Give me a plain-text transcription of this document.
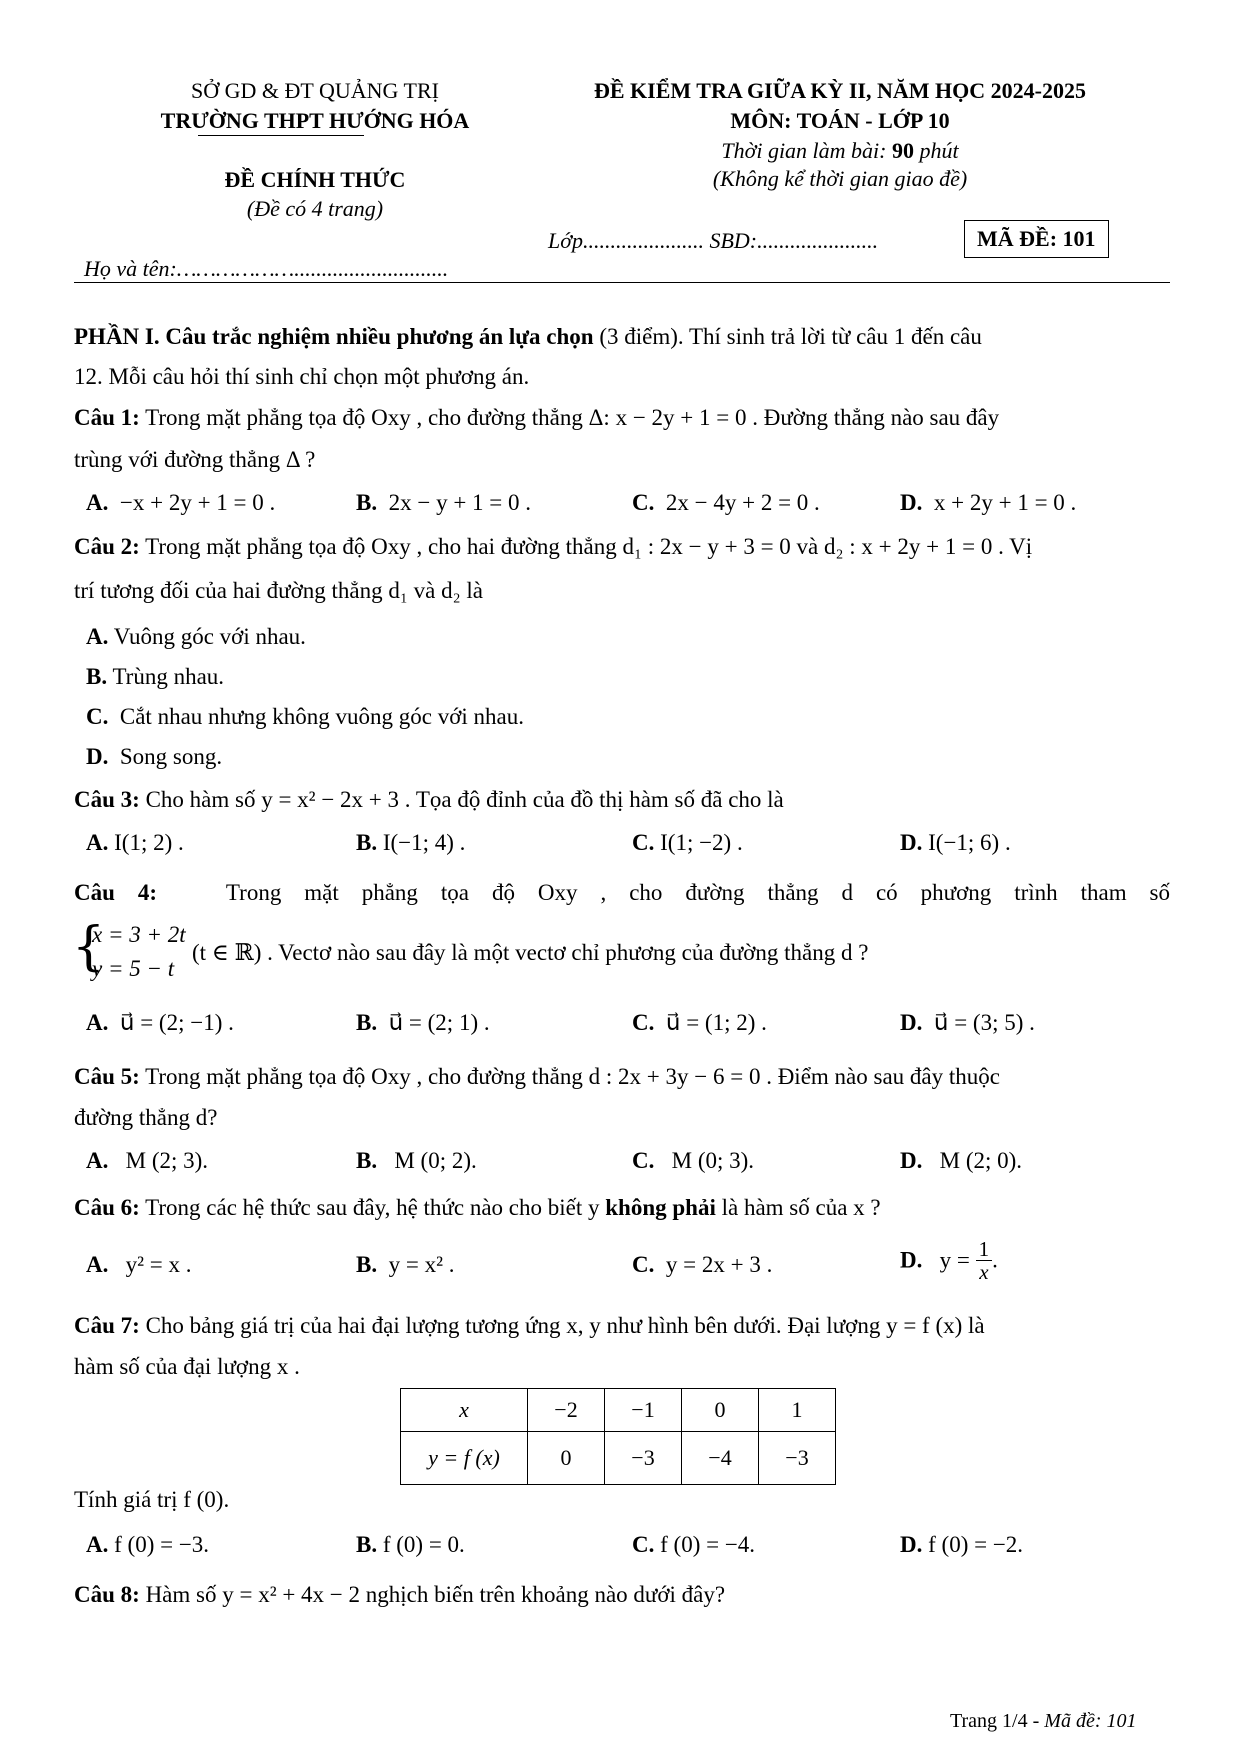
SỞ GD & ĐT QUẢNG TRỊ
TRƯỜNG THPT HƯỚNG HÓA
ĐỀ CHÍNH THỨC
(Đề có 4 trang)
ĐỀ KIỂM TRA GIỮA KỲ II, NĂM HỌC 2024-2025
MÔN: TOÁN - LỚP 10
Thời gian làm bài: 90 phút
(Không kể thời gian giao đề)
Lớp...................... SBD:......................	MÃ ĐỀ: 101
Họ và tên:………………............................
PHẦN I. Câu trắc nghiệm nhiều phương án lựa chọn (3 điểm). Thí sinh trả lời từ câu 1 đến câu
12. Mỗi câu hỏi thí sinh chỉ chọn một phương án.
Câu 1: Trong mặt phẳng tọa độ Oxy , cho đường thẳng Δ: x − 2y + 1 = 0 . Đường thẳng nào sau đây
trùng với đường thẳng Δ ?
A. −x + 2y + 1 = 0 .	B. 2x − y + 1 = 0 .	C. 2x − 4y + 2 = 0 .	D. x + 2y + 1 = 0 .
Câu 2: Trong mặt phẳng tọa độ Oxy , cho hai đường thẳng d₁ : 2x − y + 3 = 0 và d₂ : x + 2y + 1 = 0 . Vị
trí tương đối của hai đường thẳng d₁ và d₂ là
A. Vuông góc với nhau.
B. Trùng nhau.
C. Cắt nhau nhưng không vuông góc với nhau.
D. Song song.
Câu 3: Cho hàm số y = x² − 2x + 3 . Tọa độ đỉnh của đồ thị hàm số đã cho là
A. I(1; 2) .	B. I(−1; 4) .	C. I(1; −2) .	D. I(−1; 6) .
Câu 4:	Trong mặt phẳng tọa độ Oxy , cho đường thẳng d có phương trình tham số
{
x = 3 + 2t
y = 5 − t
(t ∈ ℝ) . Vectơ nào sau đây là một vectơ chỉ phương của đường thẳng d ?
A. u⃗ = (2; −1) .	B. u⃗ = (2; 1) .	C. u⃗ = (1; 2) .	D. u⃗ = (3; 5) .
Câu 5: Trong mặt phẳng tọa độ Oxy , cho đường thẳng d : 2x + 3y − 6 = 0 . Điểm nào sau đây thuộc
đường thẳng d?
A. M (2; 3).	B. M (0; 2).	C. M (0; 3).	D. M (2; 0).
Câu 6: Trong các hệ thức sau đây, hệ thức nào cho biết y không phải là hàm số của x ?
A. y² = x .	B. y = x² .	C. y = 2x + 3 .	D. $y = \frac{1}{x}$ .
Câu 7: Cho bảng giá trị của hai đại lượng tương ứng x, y như hình bên dưới. Đại lượng y = f (x) là
hàm số của đại lượng x .
x	−2	−1	0	1
y = f (x)	0	−3	−4	−3
Tính giá trị f (0).
A. f (0) = −3.	B. f (0) = 0.	C. f (0) = −4.	D. f (0) = −2.
Câu 8: Hàm số y = x² + 4x − 2 nghịch biến trên khoảng nào dưới đây?
Trang 1/4 - Mã đề: 101
